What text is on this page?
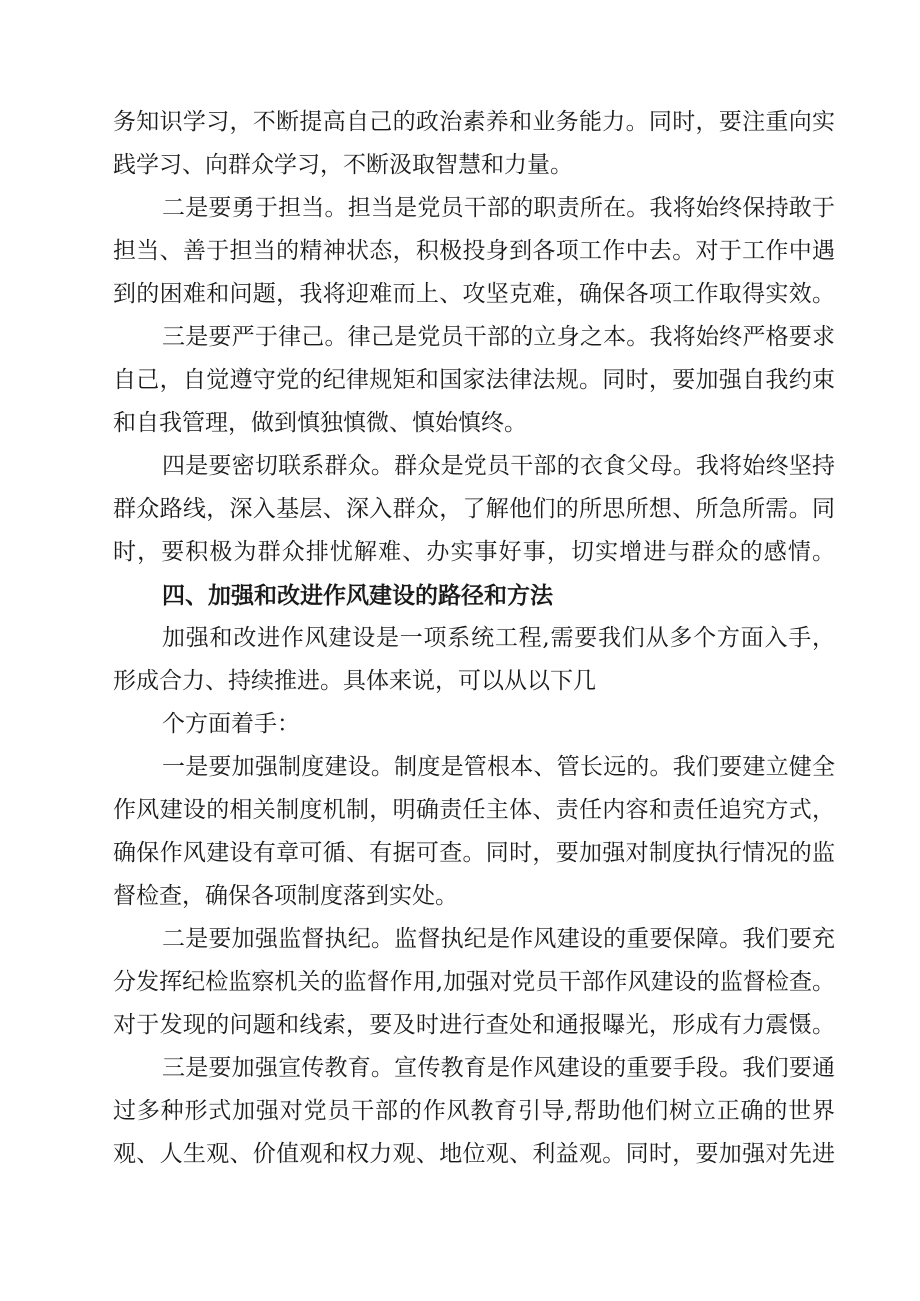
务知识学习，不断提高自己的政治素养和业务能力。同时，要注重向实
践学习、向群众学习，不断汲取智慧和力量。
二是要勇于担当。担当是党员干部的职责所在。我将始终保持敢于
担当、善于担当的精神状态，积极投身到各项工作中去。对于工作中遇
到的困难和问题，我将迎难而上、攻坚克难，确保各项工作取得实效。
三是要严于律己。律己是党员干部的立身之本。我将始终严格要求
自己，自觉遵守党的纪律规矩和国家法律法规。同时，要加强自我约束
和自我管理，做到慎独慎微、慎始慎终。
四是要密切联系群众。群众是党员干部的衣食父母。我将始终坚持
群众路线，深入基层、深入群众，了解他们的所思所想、所急所需。同
时，要积极为群众排忧解难、办实事好事，切实增进与群众的感情。
四、加强和改进作风建设的路径和方法
加强和改进作风建设是一项系统工程,需要我们从多个方面入手，
形成合力、持续推进。具体来说，可以从以下几
个方面着手：
一是要加强制度建设。制度是管根本、管长远的。我们要建立健全
作风建设的相关制度机制，明确责任主体、责任内容和责任追究方式，
确保作风建设有章可循、有据可查。同时，要加强对制度执行情况的监
督检查，确保各项制度落到实处。
二是要加强监督执纪。监督执纪是作风建设的重要保障。我们要充
分发挥纪检监察机关的监督作用,加强对党员干部作风建设的监督检查。
对于发现的问题和线索，要及时进行查处和通报曝光，形成有力震慑。
三是要加强宣传教育。宣传教育是作风建设的重要手段。我们要通
过多种形式加强对党员干部的作风教育引导,帮助他们树立正确的世界
观、人生观、价值观和权力观、地位观、利益观。同时，要加强对先进
